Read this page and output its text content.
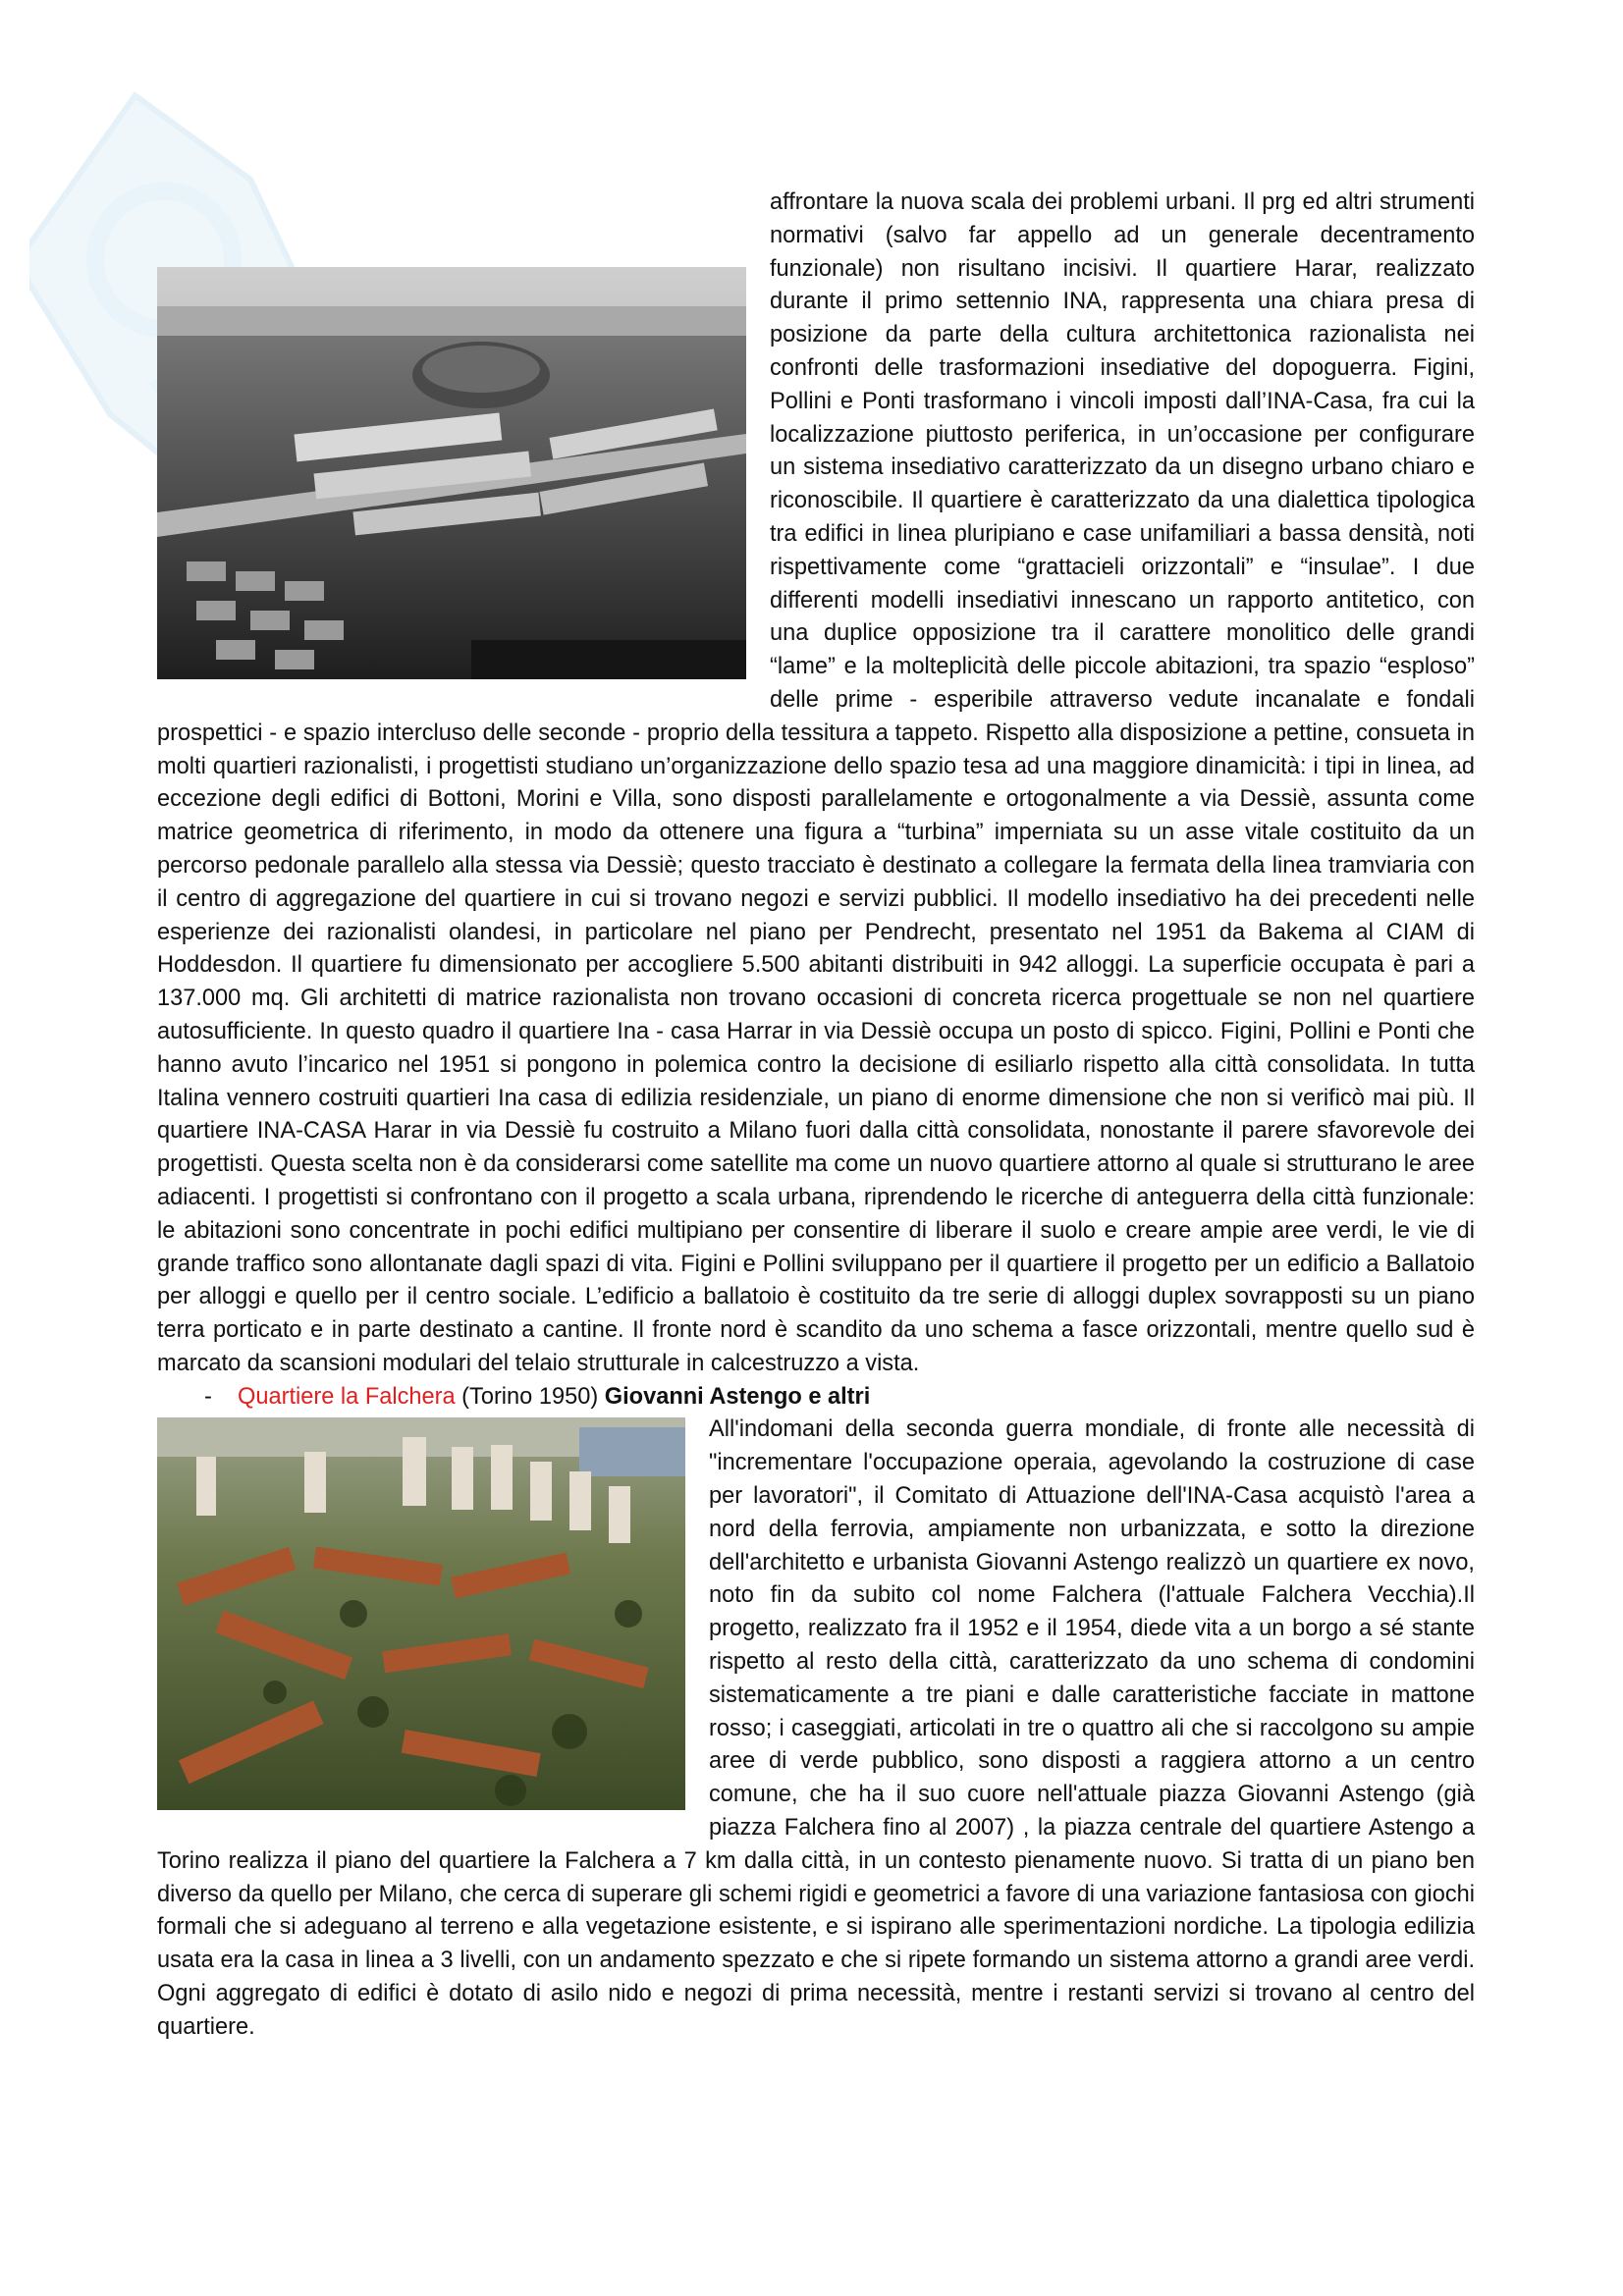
affrontare la nuova scala dei problemi urbani. Il prg ed altri strumenti normativi (salvo far appello ad un generale decentramento funzionale) non risultano incisivi. Il quartiere Harar, realizzato durante il primo settennio INA, rappresenta una chiara presa di posizione da parte della cultura architettonica razionalista nei confronti delle trasformazioni insediative del dopoguerra. Figini, Pollini e Ponti trasformano i vincoli imposti dall’INA-Casa, fra cui la localizzazione piuttosto periferica, in un’occasione per configurare un sistema insediativo caratterizzato da un disegno urbano chiaro e riconoscibile. Il quartiere è caratterizzato da una dialettica tipologica tra edifici in linea pluripiano e case unifamiliari a bassa densità, noti rispettivamente come “grattacieli orizzontali” e “insulae”. I due differenti modelli insediativi innescano un rapporto antitetico, con una duplice opposizione tra il carattere monolitico delle grandi “lame” e la molteplicità delle piccole abitazioni, tra spazio “esploso” delle prime - esperibile attraverso vedute incanalate e fondali prospettici - e spazio intercluso delle seconde - proprio della tessitura a tappeto. Rispetto alla disposizione a pettine, consueta in molti quartieri razionalisti, i progettisti studiano un’organizzazione dello spazio tesa ad una maggiore dinamicità: i tipi in linea, ad eccezione degli edifici di Bottoni, Morini e Villa, sono disposti parallelamente e ortogonalmente a via Dessiè, assunta come matrice geometrica di riferimento, in modo da ottenere una figura a “turbina” imperniata su un asse vitale costituito da un percorso pedonale parallelo alla stessa via Dessiè; questo tracciato è destinato a collegare la fermata della linea tramviaria con il centro di aggregazione del quartiere in cui si trovano negozi e servizi pubblici. Il modello insediativo ha dei precedenti nelle esperienze dei razionalisti olandesi, in particolare nel piano per Pendrecht, presentato nel 1951 da Bakema al CIAM di Hoddesdon. Il quartiere fu dimensionato per accogliere 5.500 abitanti distribuiti in 942 alloggi. La superficie occupata è pari a 137.000 mq. Gli architetti di matrice razionalista non trovano occasioni di concreta ricerca progettuale se non nel quartiere autosufficiente. In questo quadro il quartiere Ina - casa Harrar in via Dessiè occupa un posto di spicco. Figini, Pollini e Ponti che hanno avuto l’incarico nel 1951 si pongono in polemica contro la decisione di esiliarlo rispetto alla città consolidata. In tutta Italina vennero costruiti quartieri Ina casa di edilizia residenziale, un piano di enorme dimensione che non si verificò mai più. Il quartiere INA-CASA Harar in via Dessiè fu costruito a Milano fuori dalla città consolidata, nonostante il parere sfavorevole dei progettisti. Questa scelta non è da considerarsi come satellite ma come un nuovo quartiere attorno al quale si strutturano le aree adiacenti. I progettisti si confrontano con il progetto a scala urbana, riprendendo le ricerche di anteguerra della città funzionale: le abitazioni sono concentrate in pochi edifici multipiano per consentire di liberare il suolo e creare ampie aree verdi, le vie di grande traffico sono allontanate dagli spazi di vita. Figini e Pollini sviluppano per il quartiere il progetto per un edificio a Ballatoio per alloggi e quello per il centro sociale. L’edificio a ballatoio è costituito da tre serie di alloggi duplex sovrapposti su un piano terra porticato e in parte destinato a cantine. Il fronte nord è scandito da uno schema a fasce orizzontali, mentre quello sud è marcato da scansioni modulari del telaio strutturale in calcestruzzo a vista.

- Quartiere la Falchera (Torino 1950) Giovanni Astengo e altri

All'indomani della seconda guerra mondiale, di fronte alle necessità di "incrementare l'occupazione operaia, agevolando la costruzione di case per lavoratori", il Comitato di Attuazione dell'INA-Casa acquistò l'area a nord della ferrovia, ampiamente non urbanizzata, e sotto la direzione dell'architetto e urbanista Giovanni Astengo realizzò un quartiere ex novo, noto fin da subito col nome Falchera (l'attuale Falchera Vecchia).Il progetto, realizzato fra il 1952 e il 1954, diede vita a un borgo a sé stante rispetto al resto della città, caratterizzato da uno schema di condomini sistematicamente a tre piani e dalle caratteristiche facciate in mattone rosso; i caseggiati, articolati in tre o quattro ali che si raccolgono su ampie aree di verde pubblico, sono disposti a raggiera attorno a un centro comune, che ha il suo cuore nell'attuale piazza Giovanni Astengo (già piazza Falchera fino al 2007) , la piazza centrale del quartiere Astengo a Torino realizza il piano del quartiere la Falchera a 7 km dalla città, in un contesto pienamente nuovo. Si tratta di un piano ben diverso da quello per Milano, che cerca di superare gli schemi rigidi e geometrici a favore di una variazione fantasiosa con giochi formali che si adeguano al terreno e alla vegetazione esistente, e si ispirano alle sperimentazioni nordiche. La tipologia edilizia usata era la casa in linea a 3 livelli, con un andamento spezzato e che si ripete formando un sistema attorno a grandi aree verdi. Ogni aggregato di edifici è dotato di asilo nido e negozi di prima necessità, mentre i restanti servizi si trovano al centro del quartiere.
